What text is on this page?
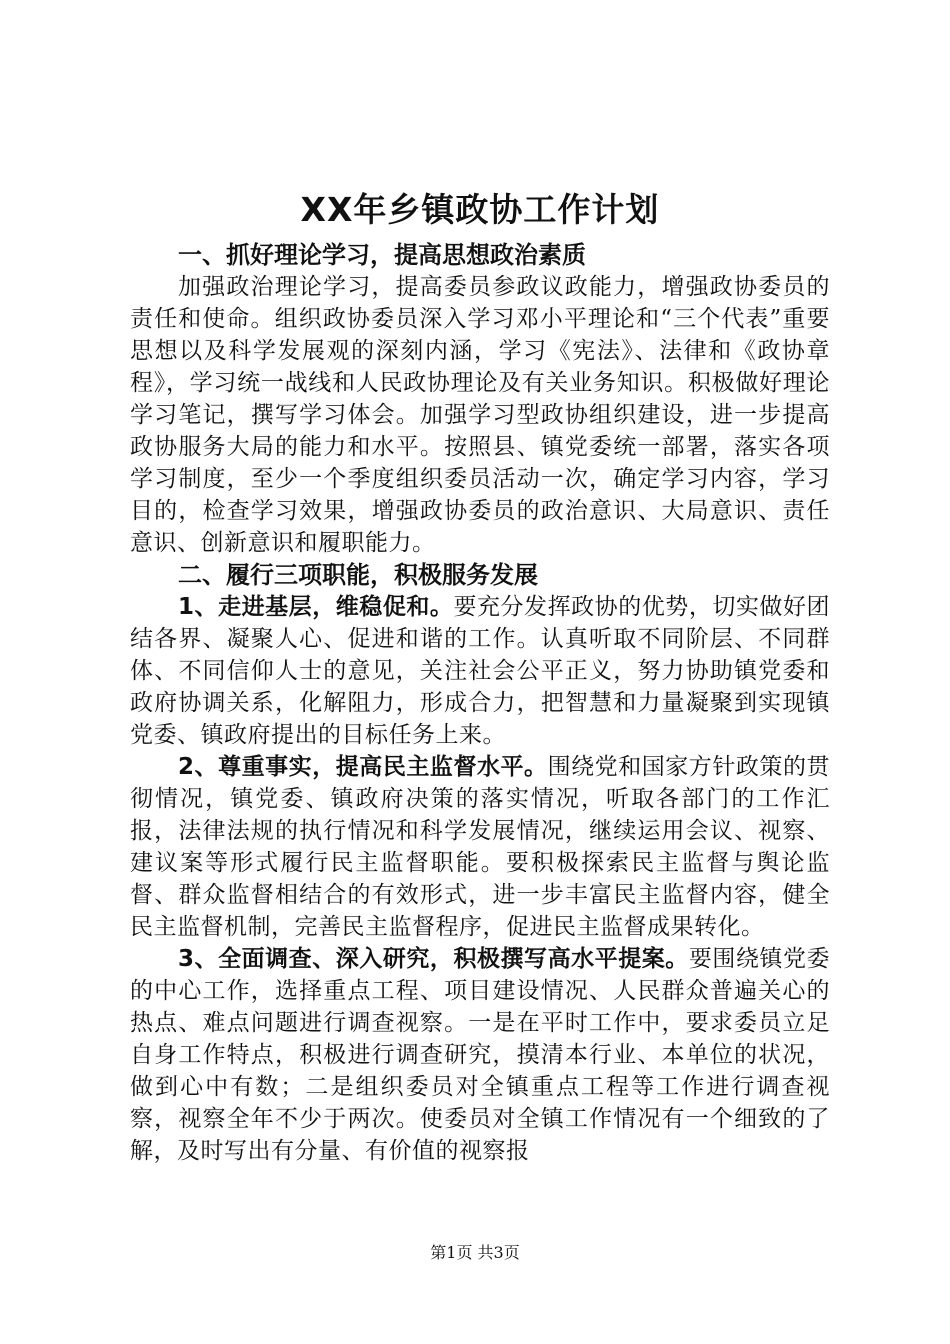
XX年乡镇政协工作计划

一、抓好理论学习，提高思想政治素质

加强政治理论学习，提高委员参政议政能力，增强政协委员的责任和使命。组织政协委员深入学习邓小平理论和“三个代表”重要思想以及科学发展观的深刻内涵，学习《宪法》、法律和《政协章程》，学习统一战线和人民政协理论及有关业务知识。积极做好理论学习笔记，撰写学习体会。加强学习型政协组织建设，进一步提高政协服务大局的能力和水平。按照县、镇党委统一部署，落实各项学习制度，至少一个季度组织委员活动一次，确定学习内容，学习目的，检查学习效果，增强政协委员的政治意识、大局意识、责任意识、创新意识和履职能力。

二、履行三项职能，积极服务发展

1、走进基层，维稳促和。要充分发挥政协的优势，切实做好团结各界、凝聚人心、促进和谐的工作。认真听取不同阶层、不同群体、不同信仰人士的意见，关注社会公平正义，努力协助镇党委和政府协调关系，化解阻力，形成合力，把智慧和力量凝聚到实现镇党委、镇政府提出的目标任务上来。

2、尊重事实，提高民主监督水平。围绕党和国家方针政策的贯彻情况，镇党委、镇政府决策的落实情况，听取各部门的工作汇报，法律法规的执行情况和科学发展情况，继续运用会议、视察、建议案等形式履行民主监督职能。要积极探索民主监督与舆论监督、群众监督相结合的有效形式，进一步丰富民主监督内容，健全民主监督机制，完善民主监督程序，促进民主监督成果转化。

3、全面调查、深入研究，积极撰写高水平提案。要围绕镇党委的中心工作，选择重点工程、项目建设情况、人民群众普遍关心的热点、难点问题进行调查视察。一是在平时工作中，要求委员立足自身工作特点，积极进行调查研究，摸清本行业、本单位的状况，做到心中有数；二是组织委员对全镇重点工程等工作进行调查视察，视察全年不少于两次。使委员对全镇工作情况有一个细致的了解，及时写出有分量、有价值的视察报

第1页 共3页
